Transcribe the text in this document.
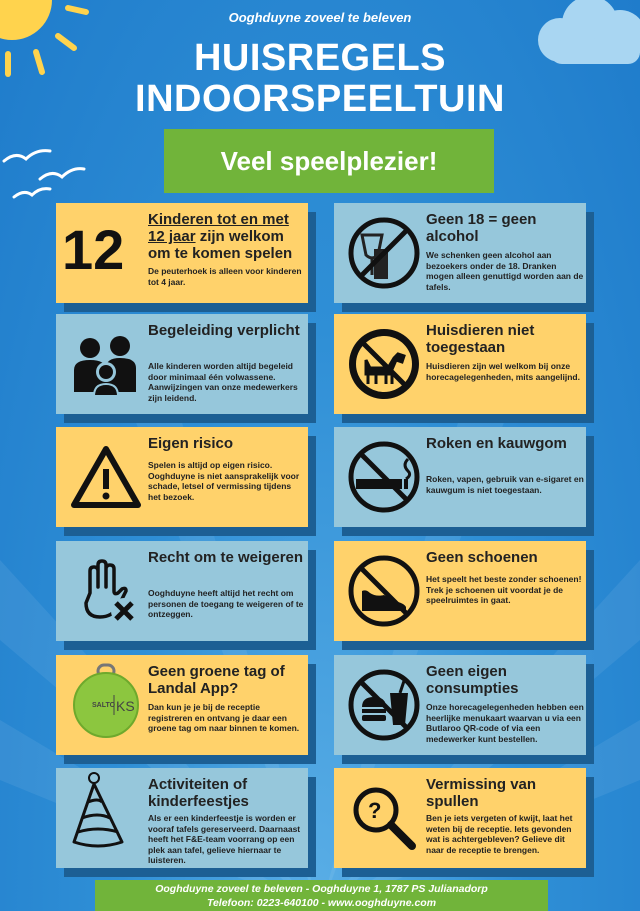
Ooghduyne zoveel te beleven
HUISREGELS
INDOORSPEELTUIN
Veel speelplezier!
12 Kinderen tot en met 12 jaar zijn welkom om te komen spelen
De peuterhoek is alleen voor kinderen tot 4 jaar.
Geen 18 = geen alcohol
We schenken geen alcohol aan bezoekers onder de 18. Dranken mogen alleen genuttigd worden aan de tafels.
Begeleiding verplicht
Alle kinderen worden altijd begeleid door minimaal één volwassene. Aanwijzingen van onze medewerkers zijn leidend.
Huisdieren niet toegestaan
Huisdieren zijn wel welkom bij onze horecagelegenheden, mits aangelijnd.
Eigen risico
Spelen is altijd op eigen risico. Ooghduyne is niet aansprakelijk voor schade, letsel of vermissing tijdens het bezoek.
Roken en kauwgom
Roken, vapen, gebruik van e-sigaret en kauwgum is niet toegestaan.
Recht om te weigeren
Ooghduyne heeft altijd het recht om personen de toegang te weigeren of te ontzeggen.
Geen schoenen
Het speelt het beste zonder schoenen! Trek je schoenen uit voordat je de speelruimtes in gaat.
SALTO KS
Geen groene tag of Landal App?
Dan kun je je bij de receptie registreren en ontvang je daar een groene tag om naar binnen te komen.
Geen eigen consumpties
Onze horecagelegenheden hebben een heerlijke menukaart waarvan u via een Butlaroo QR-code of via een medewerker kunt bestellen.
Activiteiten of kinderfeestjes
Als er een kinderfeestje is worden er vooraf tafels gereserveerd. Daarnaast heeft het F&E-team voorrang op een plek aan tafel, gelieve hiernaar te luisteren.
?
Vermissing van spullen
Ben je iets vergeten of kwijt, laat het weten bij de receptie. Iets gevonden wat is achtergebleven? Gelieve dit naar de receptie te brengen.
Ooghduyne zoveel te beleven - Ooghduyne 1, 1787 PS Julianadorp
Telefoon: 0223-640100 - www.ooghduyne.com
